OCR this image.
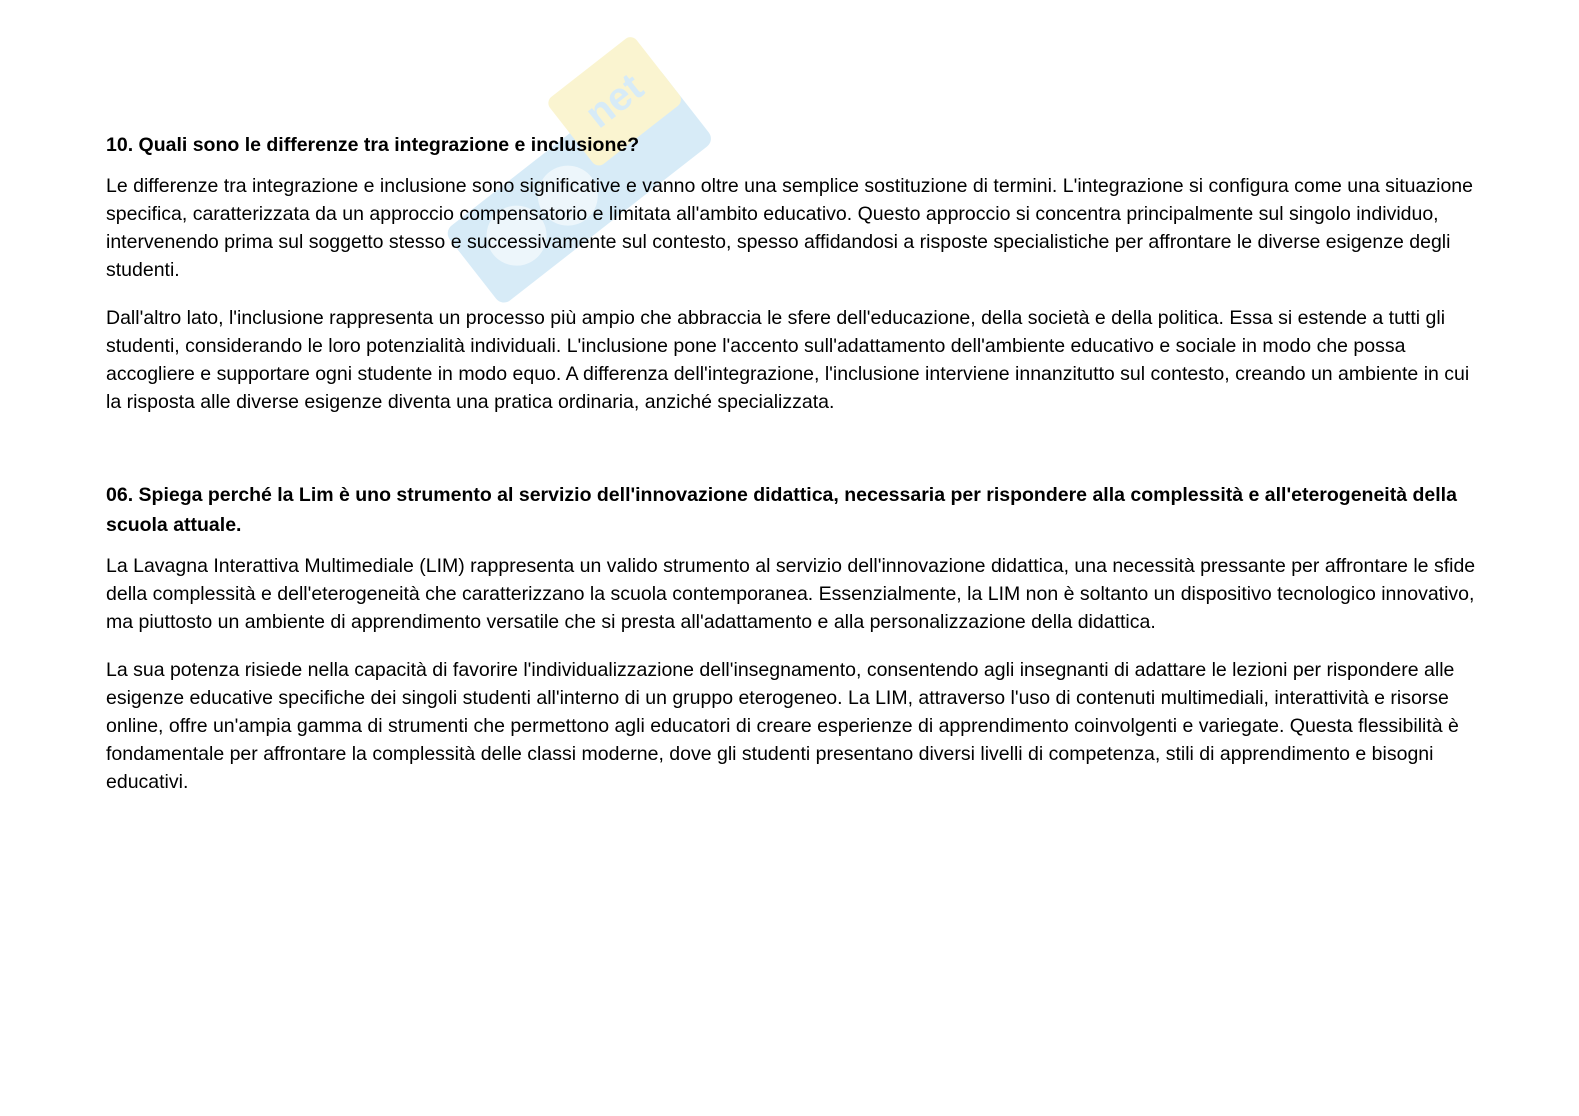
net

10. Quali sono le differenze tra integrazione e inclusione?

Le differenze tra integrazione e inclusione sono significative e vanno oltre una semplice sostituzione di termini. L'integrazione si configura come una situazione specifica, caratterizzata da un approccio compensatorio e limitata all'ambito educativo. Questo approccio si concentra principalmente sul singolo individuo, intervenendo prima sul soggetto stesso e successivamente sul contesto, spesso affidandosi a risposte specialistiche per affrontare le diverse esigenze degli studenti.

Dall'altro lato, l'inclusione rappresenta un processo più ampio che abbraccia le sfere dell'educazione, della società e della politica. Essa si estende a tutti gli studenti, considerando le loro potenzialità individuali. L'inclusione pone l'accento sull'adattamento dell'ambiente educativo e sociale in modo che possa accogliere e supportare ogni studente in modo equo. A differenza dell'integrazione, l'inclusione interviene innanzitutto sul contesto, creando un ambiente in cui la risposta alle diverse esigenze diventa una pratica ordinaria, anziché specializzata.

06. Spiega perché la Lim è uno strumento al servizio dell'innovazione didattica, necessaria per rispondere alla complessità e all'eterogeneità della scuola attuale.

La Lavagna Interattiva Multimediale (LIM) rappresenta un valido strumento al servizio dell'innovazione didattica, una necessità pressante per affrontare le sfide della complessità e dell'eterogeneità che caratterizzano la scuola contemporanea. Essenzialmente, la LIM non è soltanto un dispositivo tecnologico innovativo, ma piuttosto un ambiente di apprendimento versatile che si presta all'adattamento e alla personalizzazione della didattica.

La sua potenza risiede nella capacità di favorire l'individualizzazione dell'insegnamento, consentendo agli insegnanti di adattare le lezioni per rispondere alle esigenze educative specifiche dei singoli studenti all'interno di un gruppo eterogeneo. La LIM, attraverso l'uso di contenuti multimediali, interattività e risorse online, offre un'ampia gamma di strumenti che permettono agli educatori di creare esperienze di apprendimento coinvolgenti e variegate. Questa flessibilità è fondamentale per affrontare la complessità delle classi moderne, dove gli studenti presentano diversi livelli di competenza, stili di apprendimento e bisogni educativi.
